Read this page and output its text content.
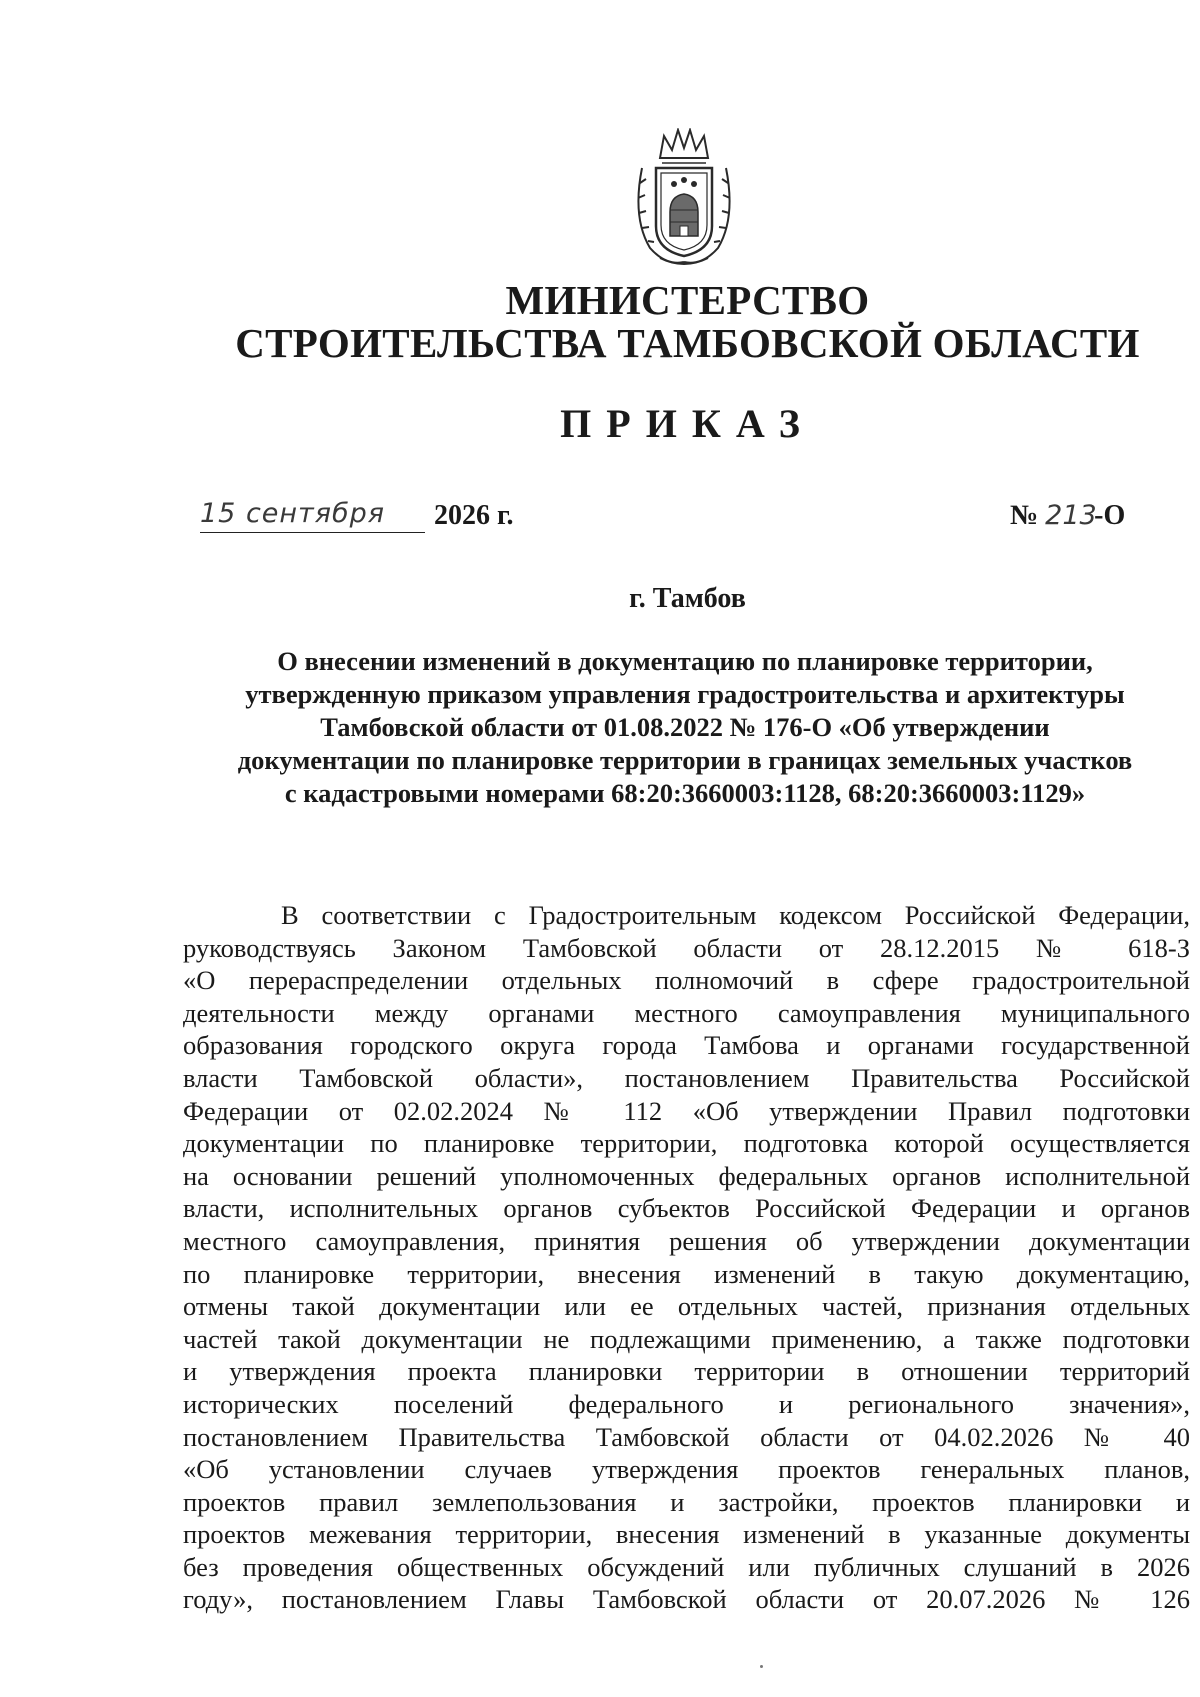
МИНИСТЕРСТВО
СТРОИТЕЛЬСТВА ТАМБОВСКОЙ ОБЛАСТИ
ПРИКАЗ
15 сентября 2026 г.	№ 213 -О
г. Тамбов
О внесении изменений в документацию по планировке территории,
утвержденную приказом управления градостроительства и архитектуры
Тамбовской области от 01.08.2022 № 176-О «Об утверждении
документации по планировке территории в границах земельных участков
с кадастровыми номерами 68:20:3660003:1128, 68:20:3660003:1129»
В соответствии с Градостроительным кодексом Российской Федерации,
руководствуясь Законом Тамбовской области от 28.12.2015 № 618-З
«О перераспределении отдельных полномочий в сфере градостроительной
деятельности между органами местного самоуправления муниципального
образования городского округа города Тамбова и органами государственной
власти Тамбовской области», постановлением Правительства Российской
Федерации от 02.02.2024 № 112 «Об утверждении Правил подготовки
документации по планировке территории, подготовка которой осуществляется
на основании решений уполномоченных федеральных органов исполнительной
власти, исполнительных органов субъектов Российской Федерации и органов
местного самоуправления, принятия решения об утверждении документации
по планировке территории, внесения изменений в такую документацию,
отмены такой документации или ее отдельных частей, признания отдельных
частей такой документации не подлежащими применению, а также подготовки
и утверждения проекта планировки территории в отношении территорий
исторических поселений федерального и регионального значения»,
постановлением Правительства Тамбовской области от 04.02.2026 № 40
«Об установлении случаев утверждения проектов генеральных планов,
проектов правил землепользования и застройки, проектов планировки и
проектов межевания территории, внесения изменений в указанные документы
без проведения общественных обсуждений или публичных слушаний в 2026
году», постановлением Главы Тамбовской области от 20.07.2026 № 126
